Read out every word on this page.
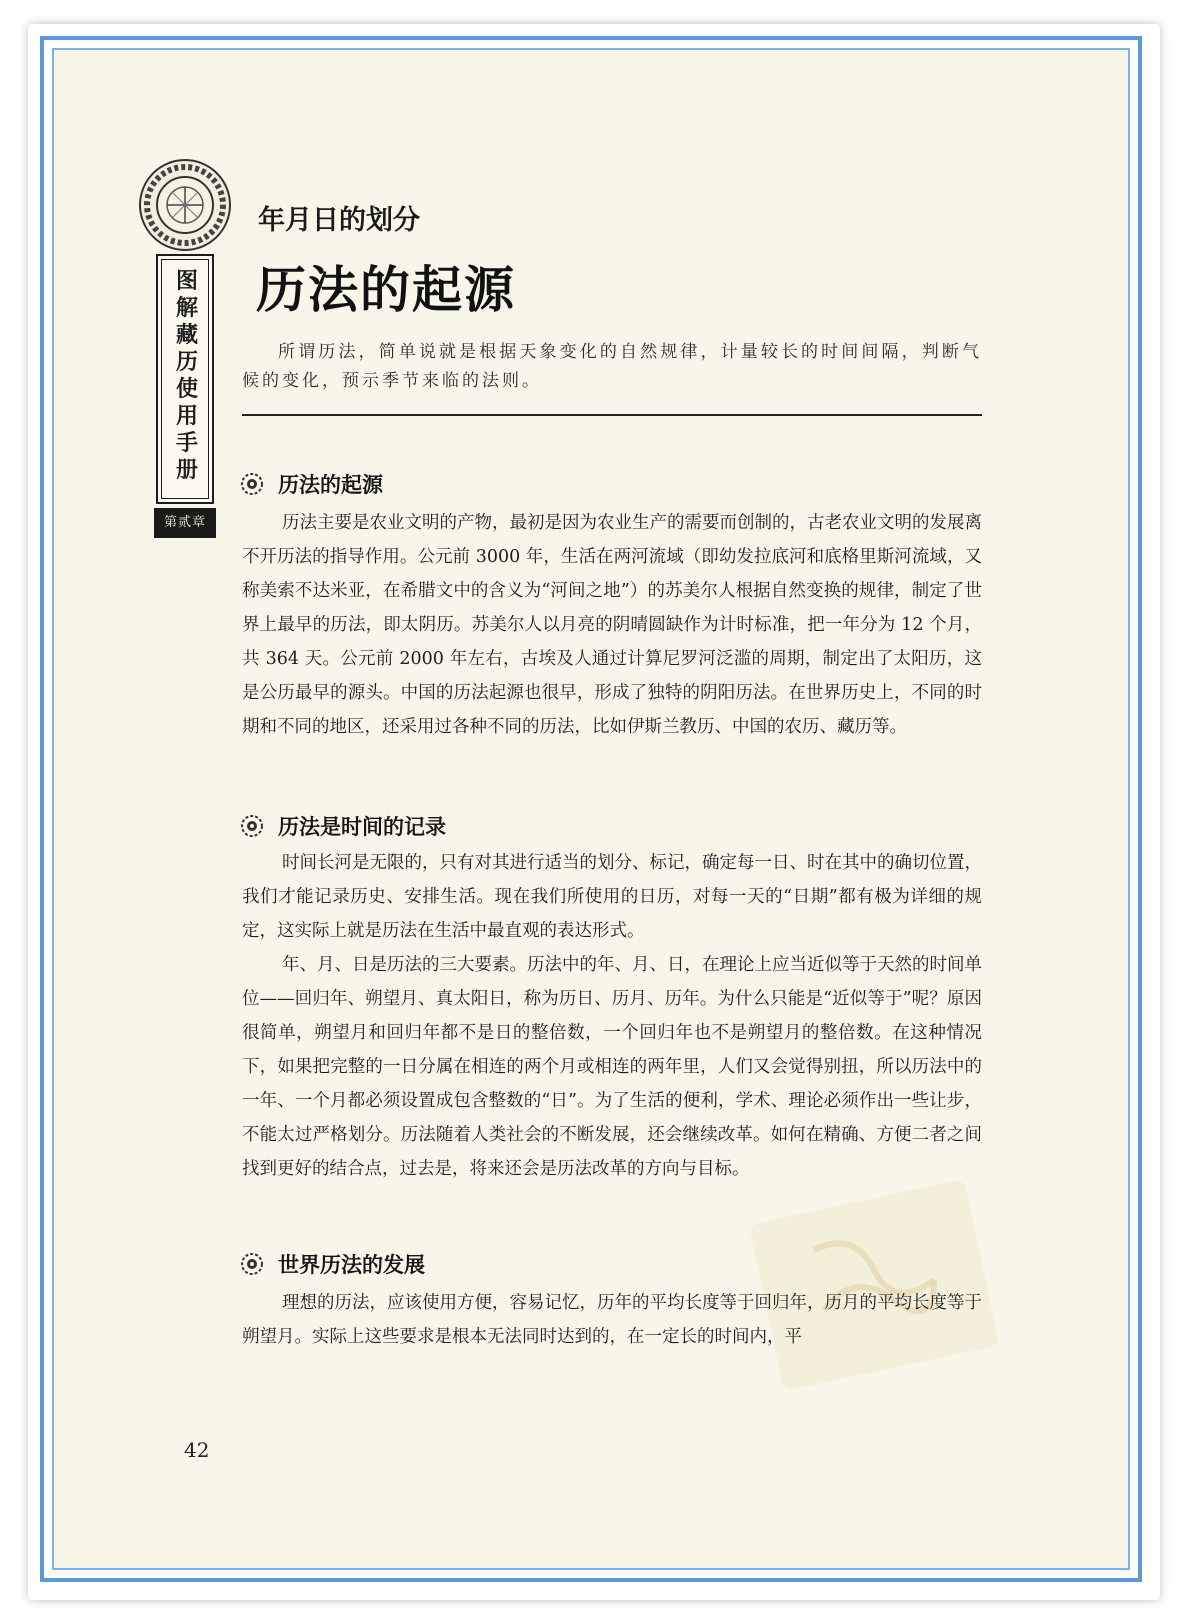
图解藏历使用手册
第贰章
年月日的划分
历法的起源
所谓历法，简单说就是根据天象变化的自然规律，计量较长的时间间隔，判断气候的变化，预示季节来临的法则。
历法的起源

历法主要是农业文明的产物，最初是因为农业生产的需要而创制的，古老农业文明的发展离不开历法的指导作用。公元前 3000 年，生活在两河流域（即幼发拉底河和底格里斯河流域，又称美索不达米亚，在希腊文中的含义为“河间之地”）的苏美尔人根据自然变换的规律，制定了世界上最早的历法，即太阴历。苏美尔人以月亮的阴晴圆缺作为计时标准，把一年分为 12 个月，共 364 天。公元前 2000 年左右，古埃及人通过计算尼罗河泛滥的周期，制定出了太阳历，这是公历最早的源头。中国的历法起源也很早，形成了独特的阴阳历法。在世界历史上，不同的时期和不同的地区，还采用过各种不同的历法，比如伊斯兰教历、中国的农历、藏历等。

历法是时间的记录

时间长河是无限的，只有对其进行适当的划分、标记，确定每一日、时在其中的确切位置，我们才能记录历史、安排生活。现在我们所使用的日历，对每一天的“日期”都有极为详细的规定，这实际上就是历法在生活中最直观的表达形式。

年、月、日是历法的三大要素。历法中的年、月、日，在理论上应当近似等于天然的时间单位——回归年、朔望月、真太阳日，称为历日、历月、历年。为什么只能是“近似等于”呢？原因很简单，朔望月和回归年都不是日的整倍数，一个回归年也不是朔望月的整倍数。在这种情况下，如果把完整的一日分属在相连的两个月或相连的两年里，人们又会觉得别扭，所以历法中的一年、一个月都必须设置成包含整数的“日”。为了生活的便利，学术、理论必须作出一些让步，不能太过严格划分。历法随着人类社会的不断发展，还会继续改革。如何在精确、方便二者之间找到更好的结合点，过去是，将来还会是历法改革的方向与目标。

世界历法的发展

理想的历法，应该使用方便，容易记忆，历年的平均长度等于回归年，历月的平均长度等于朔望月。实际上这些要求是根本无法同时达到的，在一定长的时间内，平

42
